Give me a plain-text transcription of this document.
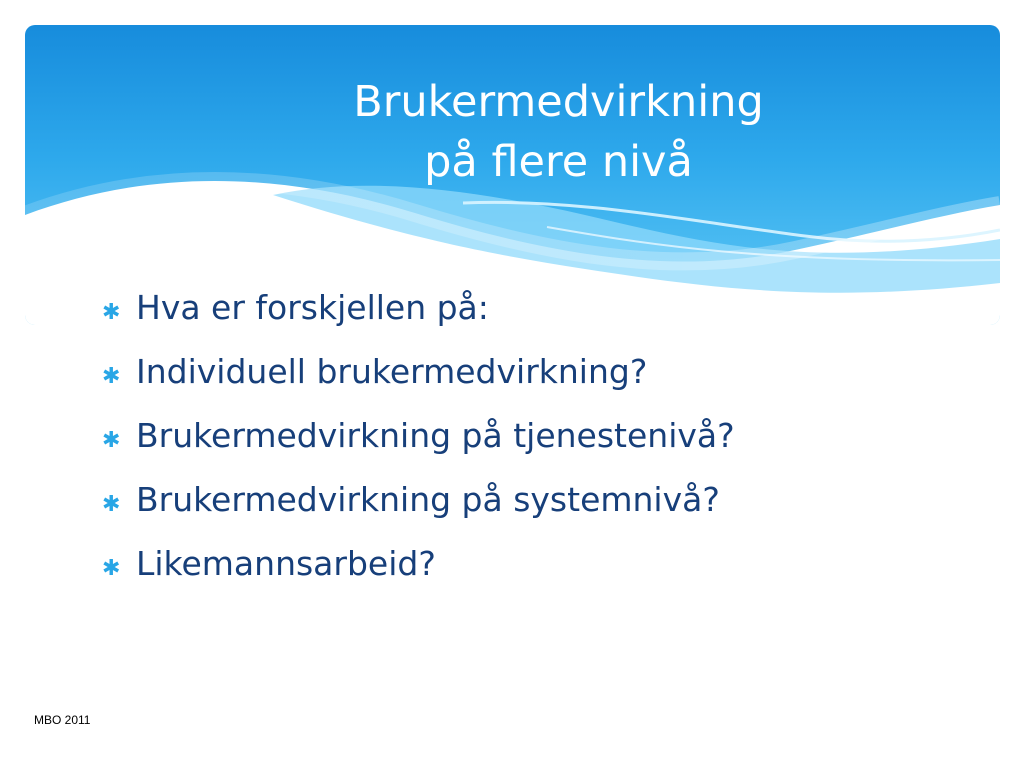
Brukermedvirkning
på flere nivå
✱ Hva er forskjellen på:
✱ Individuell brukermedvirkning?
✱ Brukermedvirkning på tjenestenivå?
✱ Brukermedvirkning på systemnivå?
✱ Likemannsarbeid?
MBO 2011
